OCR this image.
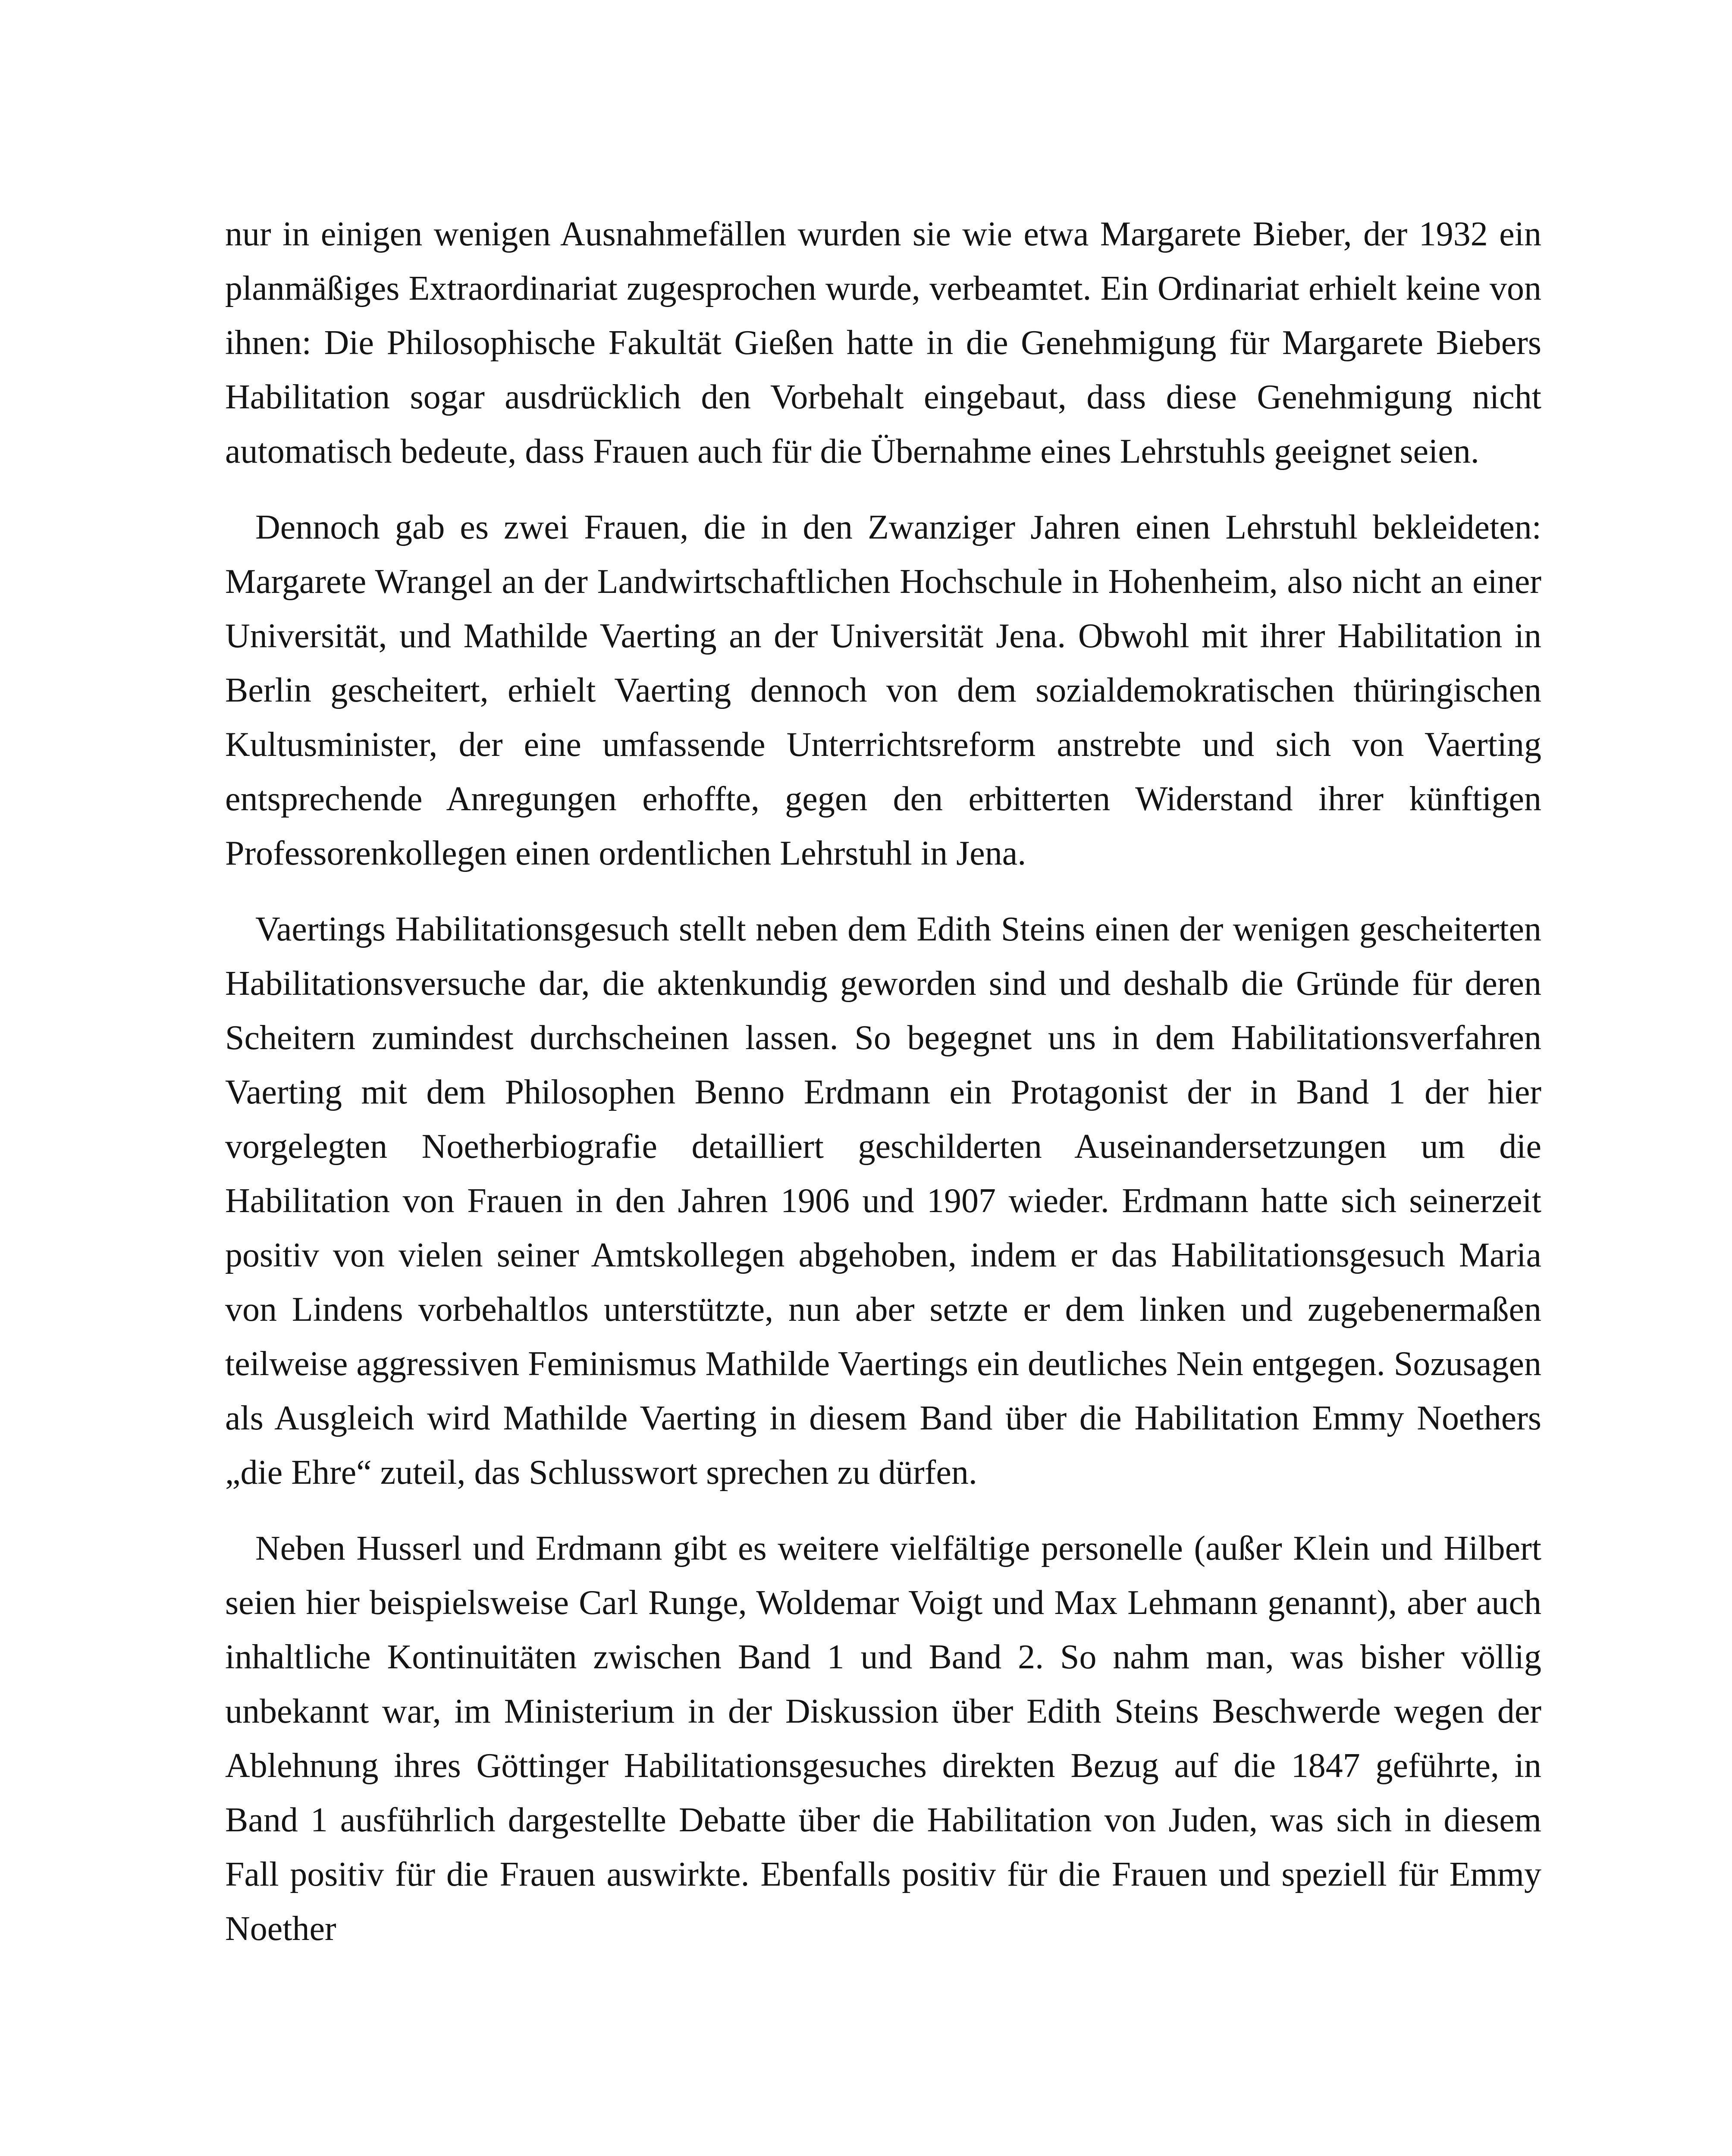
nur in einigen wenigen Ausnahmefällen wurden sie wie etwa Margarete Bieber, der 1932 ein planmäßiges Extraordinariat zugesprochen wurde, verbeamtet. Ein Ordinariat erhielt keine von ihnen: Die Philosophische Fakultät Gießen hatte in die Genehmigung für Margarete Biebers Habilitation sogar ausdrücklich den Vorbehalt eingebaut, dass diese Genehmigung nicht automatisch bedeute, dass Frauen auch für die Übernahme eines Lehrstuhls geeignet seien.

Dennoch gab es zwei Frauen, die in den Zwanziger Jahren einen Lehrstuhl bekleideten: Margarete Wrangel an der Landwirtschaftlichen Hochschule in Hohenheim, also nicht an einer Universität, und Mathilde Vaerting an der Universität Jena. Obwohl mit ihrer Habilitation in Berlin gescheitert, erhielt Vaerting dennoch von dem sozialdemokratischen thüringischen Kultusminister, der eine umfassende Unterrichtsreform anstrebte und sich von Vaerting entsprechende Anregungen erhoffte, gegen den erbitterten Widerstand ihrer künftigen Professorenkollegen einen ordentlichen Lehrstuhl in Jena.

Vaertings Habilitationsgesuch stellt neben dem Edith Steins einen der wenigen gescheiterten Habilitationsversuche dar, die aktenkundig geworden sind und deshalb die Gründe für deren Scheitern zumindest durchscheinen lassen. So begegnet uns in dem Habilitationsverfahren Vaerting mit dem Philosophen Benno Erdmann ein Protagonist der in Band 1 der hier vorgelegten Noetherbiografie detailliert geschilderten Auseinandersetzungen um die Habilitation von Frauen in den Jahren 1906 und 1907 wieder. Erdmann hatte sich seinerzeit positiv von vielen seiner Amtskollegen abgehoben, indem er das Habilitationsgesuch Maria von Lindens vorbehaltlos unterstützte, nun aber setzte er dem linken und zugebenermaßen teilweise aggressiven Feminismus Mathilde Vaertings ein deutliches Nein entgegen. Sozusagen als Ausgleich wird Mathilde Vaerting in diesem Band über die Habilitation Emmy Noethers „die Ehre“ zuteil, das Schlusswort sprechen zu dürfen.

Neben Husserl und Erdmann gibt es weitere vielfältige personelle (außer Klein und Hilbert seien hier beispielsweise Carl Runge, Woldemar Voigt und Max Lehmann genannt), aber auch inhaltliche Kontinuitäten zwischen Band 1 und Band 2. So nahm man, was bisher völlig unbekannt war, im Ministerium in der Diskussion über Edith Steins Beschwerde wegen der Ablehnung ihres Göttinger Habilitationsgesuches direkten Bezug auf die 1847 geführte, in Band 1 ausführlich dargestellte Debatte über die Habilitation von Juden, was sich in diesem Fall positiv für die Frauen auswirkte. Ebenfalls positiv für die Frauen und speziell für Emmy Noether
